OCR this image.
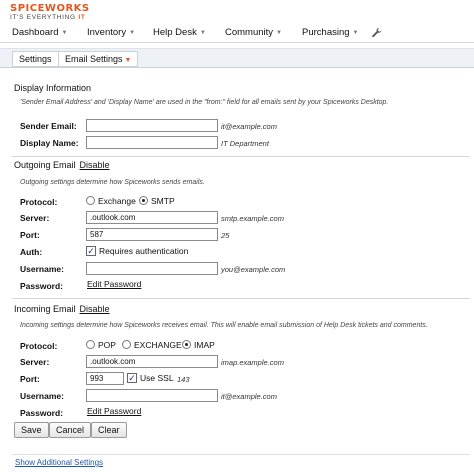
SPICEWORKS
IT'S EVERYTHING IT
Dashboard ▼ Inventory ▼ Help Desk ▼ Community ▼ Purchasing ▼
Settings	Email Settings ▼
Display Information
'Sender Email Address' and 'Display Name' are used in the "from:" field for all emails sent by your Spiceworks Desktop.
Sender Email:	it@example.com
Display Name:	IT Department
Outgoing Email Disable
Outgoing settings determine how Spiceworks sends emails.
Protocol:	Exchange SMTP
Server:
.outlook.com	smtp.example.com
Port:
587	25
Auth:	✓ Requires authentication
Username:	you@example.com
Password:	Edit Password
Incoming Email Disable
Incoming settings determine how Spiceworks receives email. This will enable email submission of Help Desk tickets and comments.
Protocol:	POP EXCHANGE IMAP
Server:
.outlook.com	imap.example.com
Port:
993	✓ Use SSL 143
Username:	it@example.com
Password:	Edit Password
Save	Cancel	Clear
Show Additional Settings
